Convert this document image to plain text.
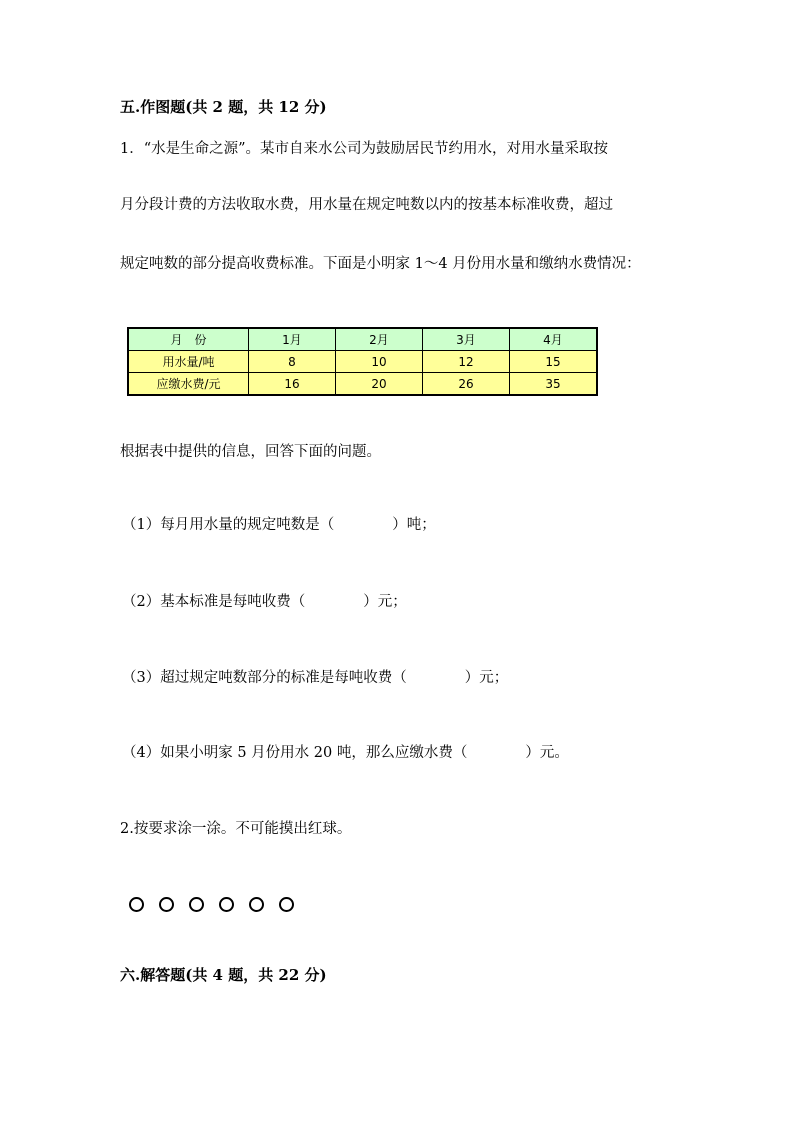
五.作图题(共 2 题，共 12 分)
1．“水是生命之源”。某市自来水公司为鼓励居民节约用水，对用水量采取按
月分段计费的方法收取水费，用水量在规定吨数以内的按基本标准收费，超过
规定吨数的部分提高收费标准。下面是小明家 1～4 月份用水量和缴纳水费情况：
月　份	1月	2月	3月	4月
用水量/吨	8	10	12	15
应缴水费/元	16	20	26	35
根据表中提供的信息，回答下面的问题。
（1）每月用水量的规定吨数是（　　　　）吨；
（2）基本标准是每吨收费（　　　　）元；
（3）超过规定吨数部分的标准是每吨收费（　　　　）元；
（4）如果小明家 5 月份用水 20 吨，那么应缴水费（　　　　）元。
2.按要求涂一涂。不可能摸出红球。
六.解答题(共 4 题，共 22 分)
